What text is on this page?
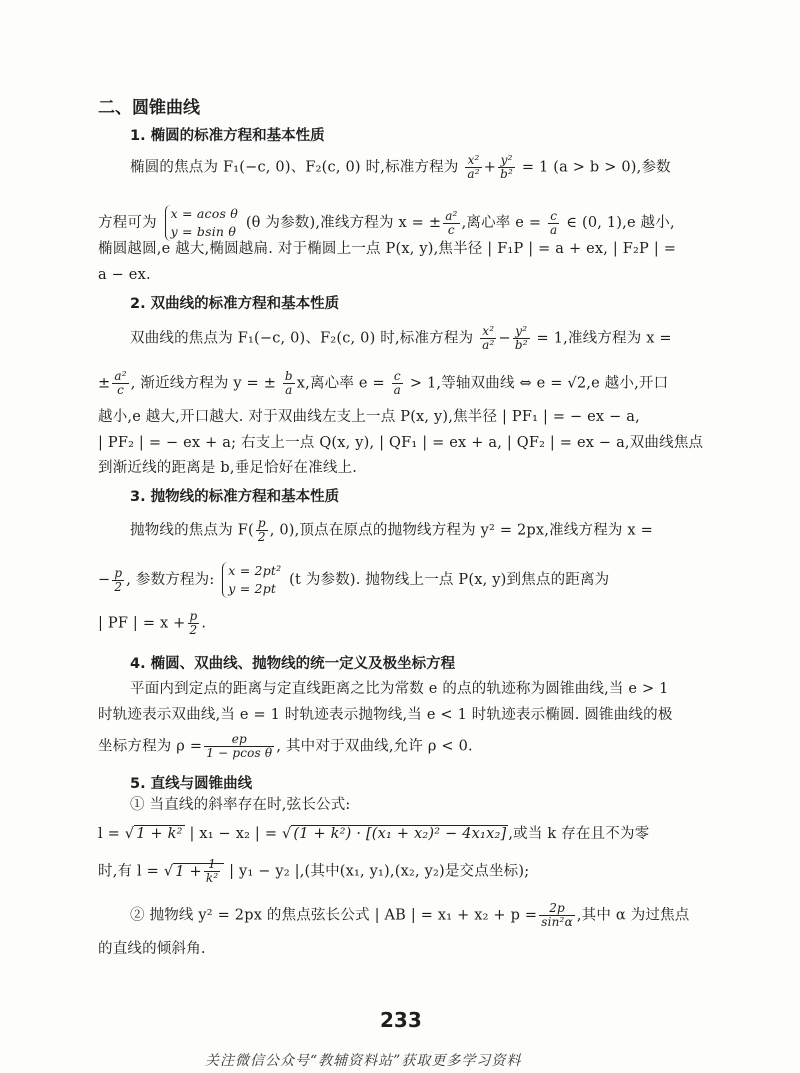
二、圆锥曲线
1. 椭圆的标准方程和基本性质
椭圆的焦点为 F₁(−c, 0)、F₂(c, 0) 时,标准方程为 $\frac{\text{x²}}{\text{a²}} + \frac{\text{y²}}{\text{b²}} = 1$ (a > b > 0),参数
方程可为
x = acos θ
y = bsin θ
(θ 为参数),准线方程为 x = ± $\frac{\text{a²}}{c}$ ,离心率 $e = \frac{c}{a}$ ∈ (0, 1),e 越小,
椭圆越圆,e 越大,椭圆越扁. 对于椭圆上一点 P(x, y),焦半径 | F₁P | = a + ex, | F₂P | =
a − ex.
2. 双曲线的标准方程和基本性质
双曲线的焦点为 F₁(−c, 0)、F₂(c, 0) 时,标准方程为 $\frac{\text{x²}}{\text{a²}} - \frac{\text{y²}}{\text{b²}} = 1$,准线方程为 x =
± $\frac{\text{a²}}{c}$ , 渐近线方程为 y = ± $\frac{b}{a} x$,离心率 $e = \frac{c}{a} > 1$,等轴双曲线 ⇔ e = √2,e 越小,开口
越小,e 越大,开口越大. 对于双曲线左支上一点 P(x, y),焦半径 | PF₁ | = − ex − a,
| PF₂ | = − ex + a; 右支上一点 Q(x, y), | QF₁ | = ex + a, | QF₂ | = ex − a,双曲线焦点
到渐近线的距离是 b,垂足恰好在准线上.
3. 抛物线的标准方程和基本性质
抛物线的焦点为 $F( \frac{p}{2}$ , 0),顶点在原点的抛物线方程为 y² = 2px,准线方程为 x =
− $\frac{p}{2}$ , 参数方程为:
x = 2pt²
y = 2pt
(t 为参数). 抛物线上一点 P(x, y)到焦点的距离为
| PF | = $x + \frac{p}{2}$ .
4. 椭圆、双曲线、抛物线的统一定义及极坐标方程
平面内到定点的距离与定直线距离之比为常数 e 的点的轨迹称为圆锥曲线,当 e > 1
时轨迹表示双曲线,当 e = 1 时轨迹表示抛物线,当 e < 1 时轨迹表示椭圆. 圆锥曲线的极
坐标方程为 $\rho = \frac{ep}{\text{1 − pcos θ}}$ , 其中对于双曲线,允许 ρ < 0.
5. 直线与圆锥曲线
① 当直线的斜率存在时,弦长公式:
l = √ 1 + k² | x₁ − x₂ | = √ (1 + k²) · [(x₁ + x₂)² − 4x₁x₂] ,或当 k 存在且不为零
时,有 l = √ $1 + \frac{1}{\text{k²}}$ | y₁ − y₂ |,(其中(x₁, y₁),(x₂, y₂)是交点坐标);
② 抛物线 y² = 2px 的焦点弦长公式 | AB | = $x_1 + x_2 + p = \frac{2p}{\text{sin²α}}$ ,其中 α 为过焦点
的直线的倾斜角.
233
关注微信公众号“教辅资料站”获取更多学习资料
